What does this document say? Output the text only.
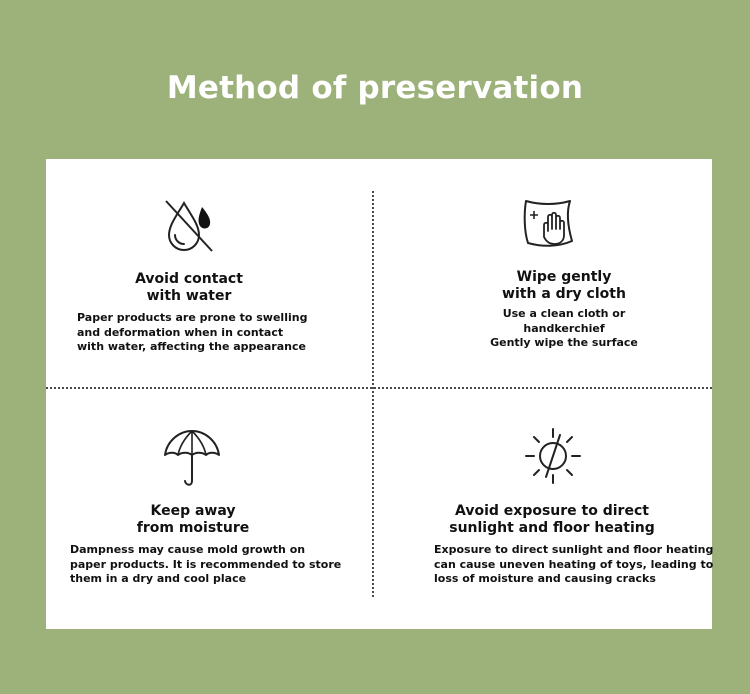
Method of preservation
Avoid contact
with water
Paper products are prone to swelling
and deformation when in contact
with water, affecting the appearance
Wipe gently
with a dry cloth
Use a clean cloth or
handkerchief
Gently wipe the surface
Keep away
from moisture
Dampness may cause mold growth on
paper products. It is recommended to store
them in a dry and cool place
Avoid exposure to direct
sunlight and floor heating
Exposure to direct sunlight and floor heating
can cause uneven heating of toys, leading to
loss of moisture and causing cracks
